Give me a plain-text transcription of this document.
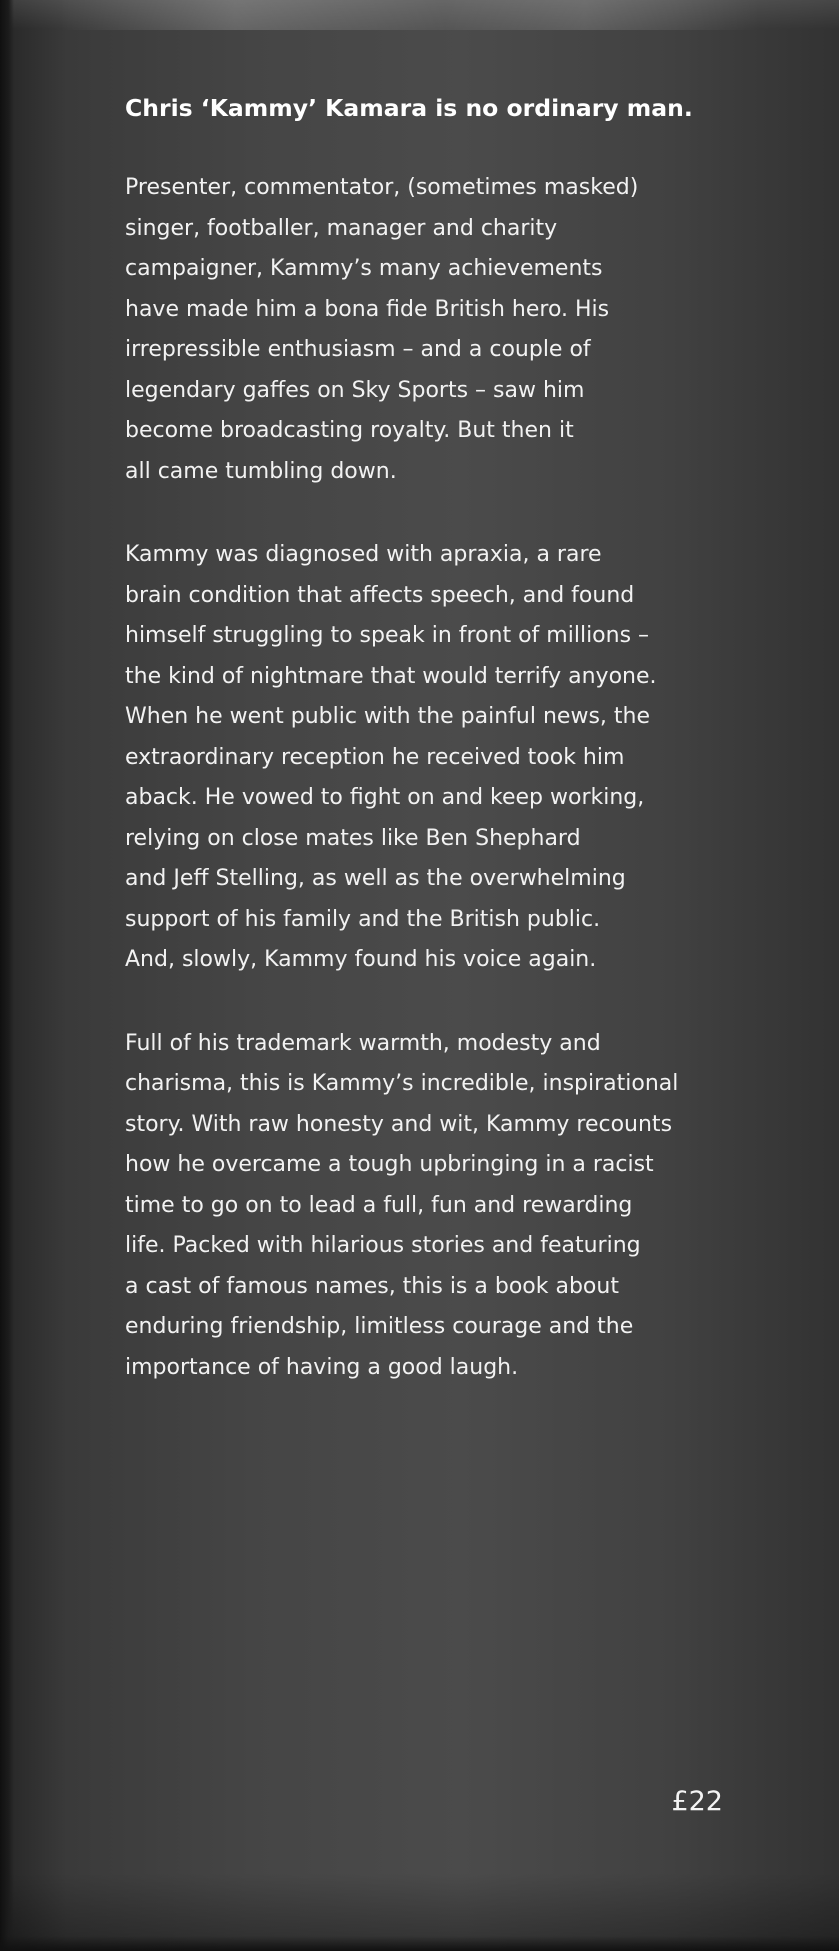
Chris ‘Kammy’ Kamara is no ordinary man.

Presenter, commentator, (sometimes masked)
singer, footballer, manager and charity
campaigner, Kammy’s many achievements
have made him a bona fide British hero. His
irrepressible enthusiasm – and a couple of
legendary gaffes on Sky Sports – saw him
become broadcasting royalty. But then it
all came tumbling down.

Kammy was diagnosed with apraxia, a rare
brain condition that affects speech, and found
himself struggling to speak in front of millions –
the kind of nightmare that would terrify anyone.
When he went public with the painful news, the
extraordinary reception he received took him
aback. He vowed to fight on and keep working,
relying on close mates like Ben Shephard
and Jeff Stelling, as well as the overwhelming
support of his family and the British public.
And, slowly, Kammy found his voice again.

Full of his trademark warmth, modesty and
charisma, this is Kammy’s incredible, inspirational
story. With raw honesty and wit, Kammy recounts
how he overcame a tough upbringing in a racist
time to go on to lead a full, fun and rewarding
life. Packed with hilarious stories and featuring
a cast of famous names, this is a book about
enduring friendship, limitless courage and the
importance of having a good laugh.

£22
